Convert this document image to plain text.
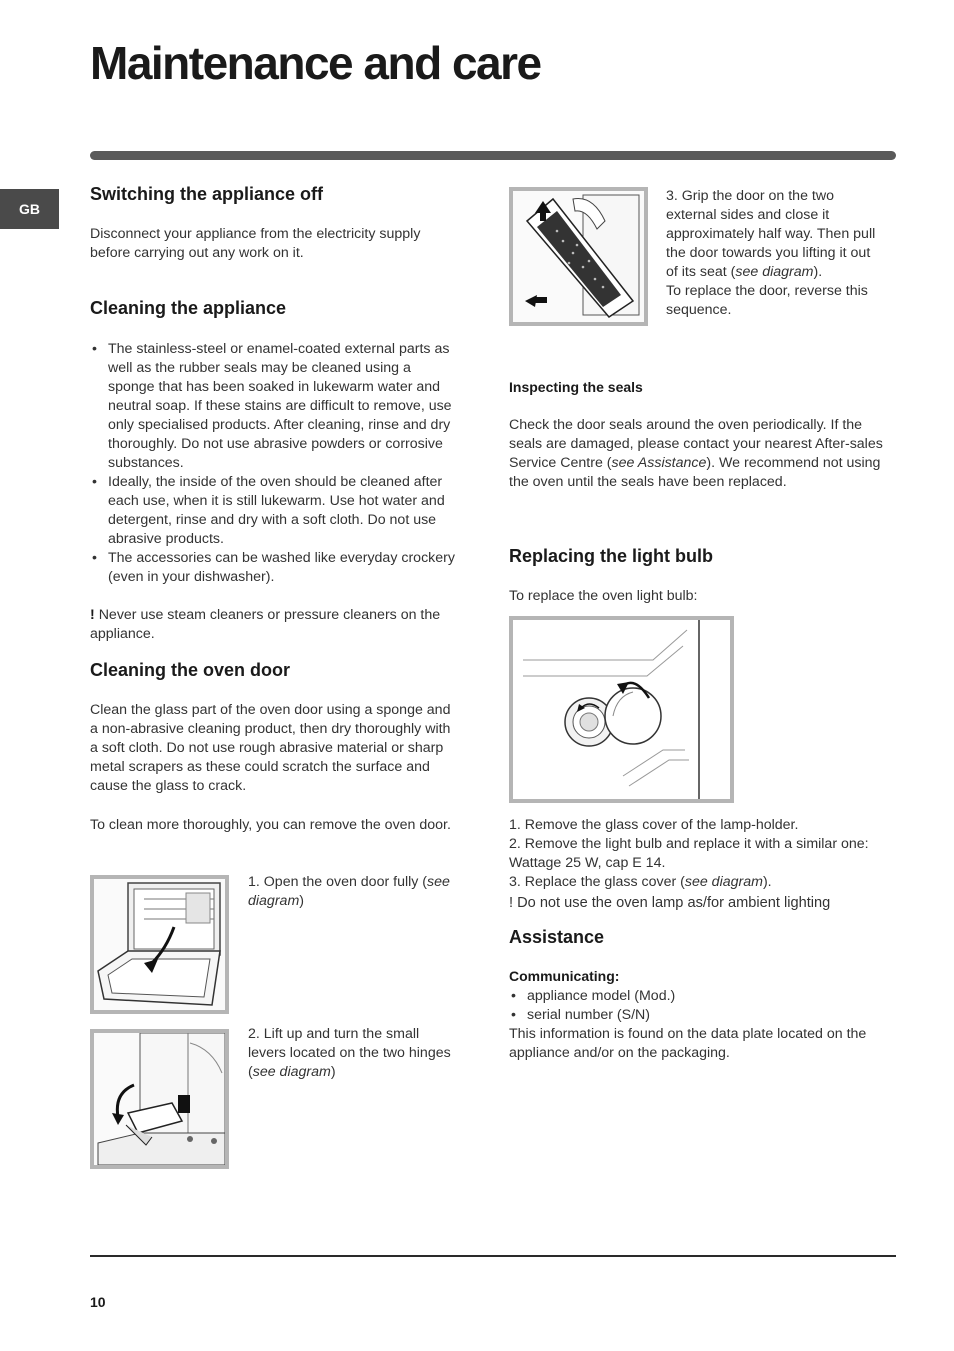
Maintenance and care
GB
Switching the appliance off

Disconnect your appliance from the electricity supply before carrying out any work on it.

Cleaning the appliance
• The stainless-steel or enamel-coated external parts as well as the rubber seals may be cleaned using a sponge that has been soaked in lukewarm water and neutral soap. If these stains are difficult to remove, use only specialised products. After cleaning, rinse and dry thoroughly. Do not use abrasive powders or corrosive substances.
• Ideally, the inside of the oven should be cleaned after each use, when it is still lukewarm. Use hot water and detergent, rinse and dry with a soft cloth. Do not use abrasive products.
• The accessories can be washed like everyday crockery (even in your dishwasher).

! Never use steam cleaners or pressure cleaners on the appliance.

Cleaning the oven door

Clean the glass part of the oven door using a sponge and a non-abrasive cleaning product, then dry thoroughly with a soft cloth. Do not use rough abrasive material or sharp metal scrapers as these could scratch the surface and cause the glass to crack.

To clean more thoroughly, you can remove the oven door.

1. Open the oven door fully (see diagram)

2. Lift up and turn the small levers located on the two hinges (see diagram)

3. Grip the door on the two external sides and close it approximately half way. Then pull the door towards you lifting it out of its seat (see diagram).
To replace the door, reverse this sequence.

Inspecting the seals

Check the door seals around the oven periodically. If the seals are damaged, please contact your nearest After-sales Service Centre (see Assistance). We recommend not using the oven until the seals have been replaced.

Replacing the light bulb

To replace the oven light bulb:

1. Remove the glass cover of the lamp-holder.

2. Remove the light bulb and replace it with a similar one: Wattage 25 W, cap E 14.

3. Replace the glass cover (see diagram).

! Do not use the oven lamp as/for ambient lighting

Assistance
Communicating:
• appliance model (Mod.)
• serial number (S/N)

This information is found on the data plate located on the appliance and/or on the packaging.

10
